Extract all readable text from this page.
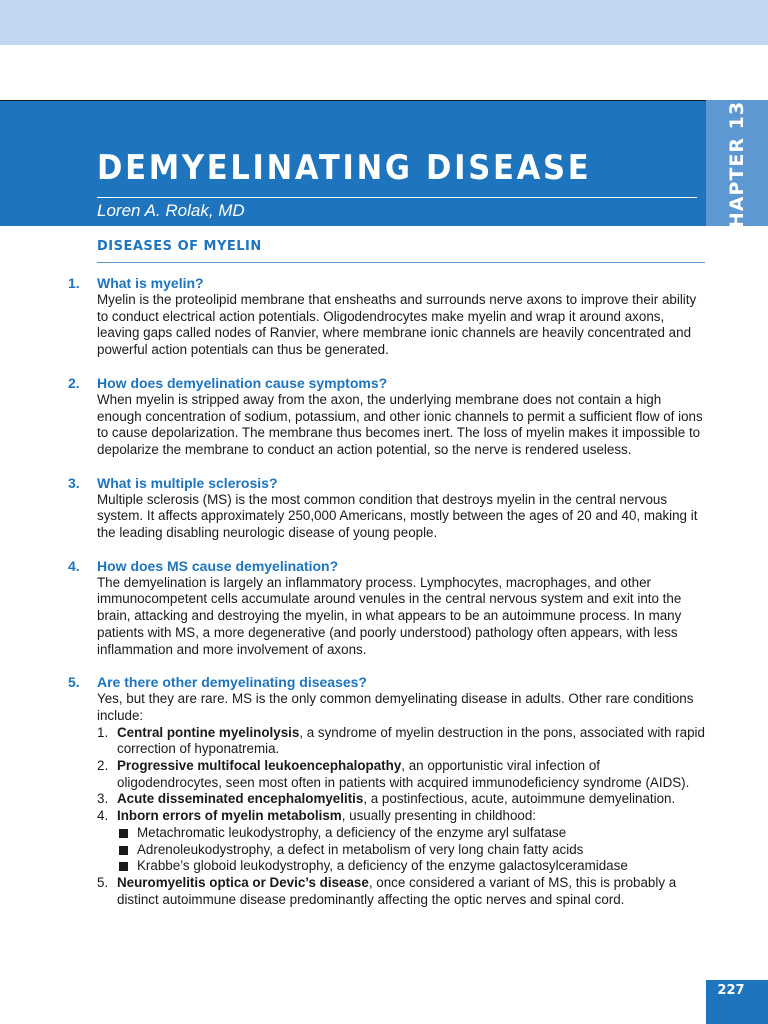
CHAPTER 13
DEMYELINATING DISEASE
Loren A. Rolak, MD
DISEASES OF MYELIN
1. What is myelin?
Myelin is the proteolipid membrane that ensheaths and surrounds nerve axons to improve their ability to conduct electrical action potentials. Oligodendrocytes make myelin and wrap it around axons, leaving gaps called nodes of Ranvier, where membrane ionic channels are heavily concentrated and powerful action potentials can thus be generated.
2. How does demyelination cause symptoms?
When myelin is stripped away from the axon, the underlying membrane does not contain a high enough concentration of sodium, potassium, and other ionic channels to permit a sufficient flow of ions to cause depolarization. The membrane thus becomes inert. The loss of myelin makes it impossible to depolarize the membrane to conduct an action potential, so the nerve is rendered useless.
3. What is multiple sclerosis?
Multiple sclerosis (MS) is the most common condition that destroys myelin in the central nervous system. It affects approximately 250,000 Americans, mostly between the ages of 20 and 40, making it the leading disabling neurologic disease of young people.
4. How does MS cause demyelination?
The demyelination is largely an inflammatory process. Lymphocytes, macrophages, and other immunocompetent cells accumulate around venules in the central nervous system and exit into the brain, attacking and destroying the myelin, in what appears to be an autoimmune process. In many patients with MS, a more degenerative (and poorly understood) pathology often appears, with less inflammation and more involvement of axons.
5. Are there other demyelinating diseases?
Yes, but they are rare. MS is the only common demyelinating disease in adults. Other rare conditions include:
1. Central pontine myelinolysis, a syndrome of myelin destruction in the pons, associated with rapid correction of hyponatremia.
2. Progressive multifocal leukoencephalopathy, an opportunistic viral infection of oligodendrocytes, seen most often in patients with acquired immunodeficiency syndrome (AIDS).
3. Acute disseminated encephalomyelitis, a postinfectious, acute, autoimmune demyelination.
4. Inborn errors of myelin metabolism, usually presenting in childhood:
Metachromatic leukodystrophy, a deficiency of the enzyme aryl sulfatase
Adrenoleukodystrophy, a defect in metabolism of very long chain fatty acids
Krabbe’s globoid leukodystrophy, a deficiency of the enzyme galactosylceramidase
5. Neuromyelitis optica or Devic’s disease, once considered a variant of MS, this is probably a distinct autoimmune disease predominantly affecting the optic nerves and spinal cord.
227
